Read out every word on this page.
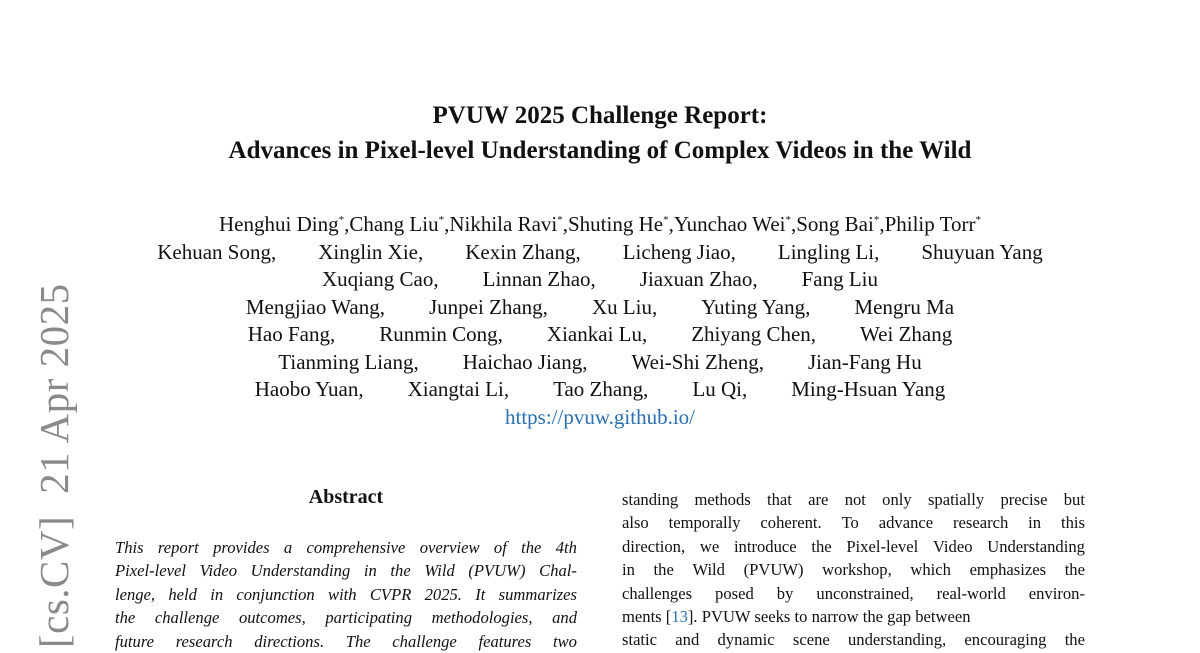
[cs.CV]21 Apr 2025
PVUW 2025 Challenge Report:
Advances in Pixel-level Understanding of Complex Videos in the Wild
Henghui Ding*, Chang Liu*, Nikhila Ravi*, Shuting He*, Yunchao Wei*, Song Bai*, Philip Torr*
Kehuan Song, Xinglin Xie, Kexin Zhang, Licheng Jiao, Lingling Li, Shuyuan Yang
Xuqiang Cao, Linnan Zhao, Jiaxuan Zhao, Fang Liu
Mengjiao Wang, Junpei Zhang, Xu Liu, Yuting Yang, Mengru Ma
Hao Fang, Runmin Cong, Xiankai Lu, Zhiyang Chen, Wei Zhang
Tianming Liang, Haichao Jiang, Wei-Shi Zheng, Jian-Fang Hu
Haobo Yuan, Xiangtai Li, Tao Zhang, Lu Qi, Ming-Hsuan Yang
https://pvuw.github.io/
Abstract
This report provides a comprehensive overview of the 4th
Pixel-level Video Understanding in the Wild (PVUW) Chal-
lenge, held in conjunction with CVPR 2025. It summarizes
the challenge outcomes, participating methodologies, and
future research directions. The challenge features two
standing methods that are not only spatially precise but
also temporally coherent. To advance research in this
direction, we introduce the Pixel-level Video Understanding
in the Wild (PVUW) workshop, which emphasizes the
challenges posed by unconstrained, real-world environ-
ments [ 13 ]. PVUW seeks to narrow the gap between
static and dynamic scene understanding, encouraging the
